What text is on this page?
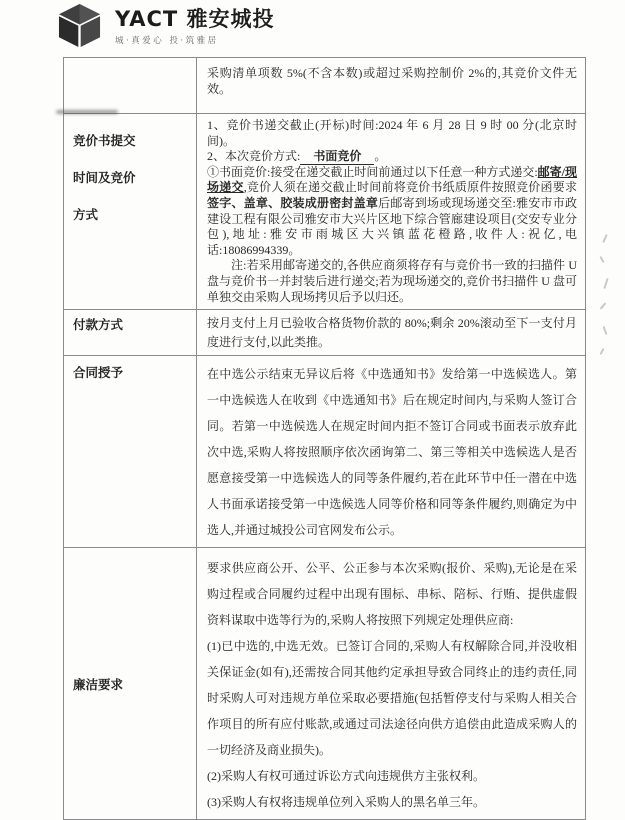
YACT 雅安城投
城·真爱心 投·筑雅居
采购清单项数 5%(不含本数)或超过采购控制价 2%的,其竞价文件无效。
竞价书提交
时间及竞价
方式
1、竞价书递交截止(开标)时间:2024 年 6 月 28 日 9 时 00 分(北京时间)。
2、本次竞价方式: 书面竞价 。
①书面竞价:接受在递交截止时间前通过以下任意一种方式递交:邮寄/现场递交,竞价人须在递交截止时间前将竞价书纸质原件按照竞价函要求签字、盖章、胶装成册密封盖章后邮寄到场或现场递交至:雅安市市政建设工程有限公司雅安市大兴片区地下综合管廊建设项目(交安专业分包),地址:雅安市雨城区大兴镇蓝花橙路,收件人:祝亿,电话:18086994339。
注:若采用邮寄递交的,各供应商须将存有与竞价书一致的扫描件 U 盘与竞价书一并封装后进行递交;若为现场递交的,竞价书扫描件 U 盘可单独交由采购人现场拷贝后予以归还。
付款方式	按月支付上月已验收合格货物价款的 80%;剩余 20%滚动至下一支付月度进行支付,以此类推。
合同授予	在中选公示结束无异议后将《中选通知书》发给第一中选候选人。第一中选候选人在收到《中选通知书》后在规定时间内,与采购人签订合同。若第一中选候选人在规定时间内拒不签订合同或书面表示放弃此次中选,采购人将按照顺序依次函询第二、第三等相关中选候选人是否愿意接受第一中选候选人的同等条件履约,若在此环节中任一潜在中选人书面承诺接受第一中选候选人同等价格和同等条件履约,则确定为中选人,并通过城投公司官网发布公示。
廉洁要求
要求供应商公开、公平、公正参与本次采购(报价、采购),无论是在采购过程或合同履约过程中出现有围标、串标、陪标、行贿、提供虚假资料谋取中选等行为的,采购人将按照下列规定处理供应商:
(1)已中选的,中选无效。已签订合同的,采购人有权解除合同,并没收相关保证金(如有),还需按合同其他约定承担导致合同终止的违约责任,同时采购人可对违规方单位采取必要措施(包括暂停支付与采购人相关合作项目的所有应付账款,或通过司法途径向供方追偿由此造成采购人的一切经济及商业损失)。
(2)采购人有权可通过诉讼方式向违规供方主张权利。
(3)采购人有权将违规单位列入采购人的黑名单三年。
